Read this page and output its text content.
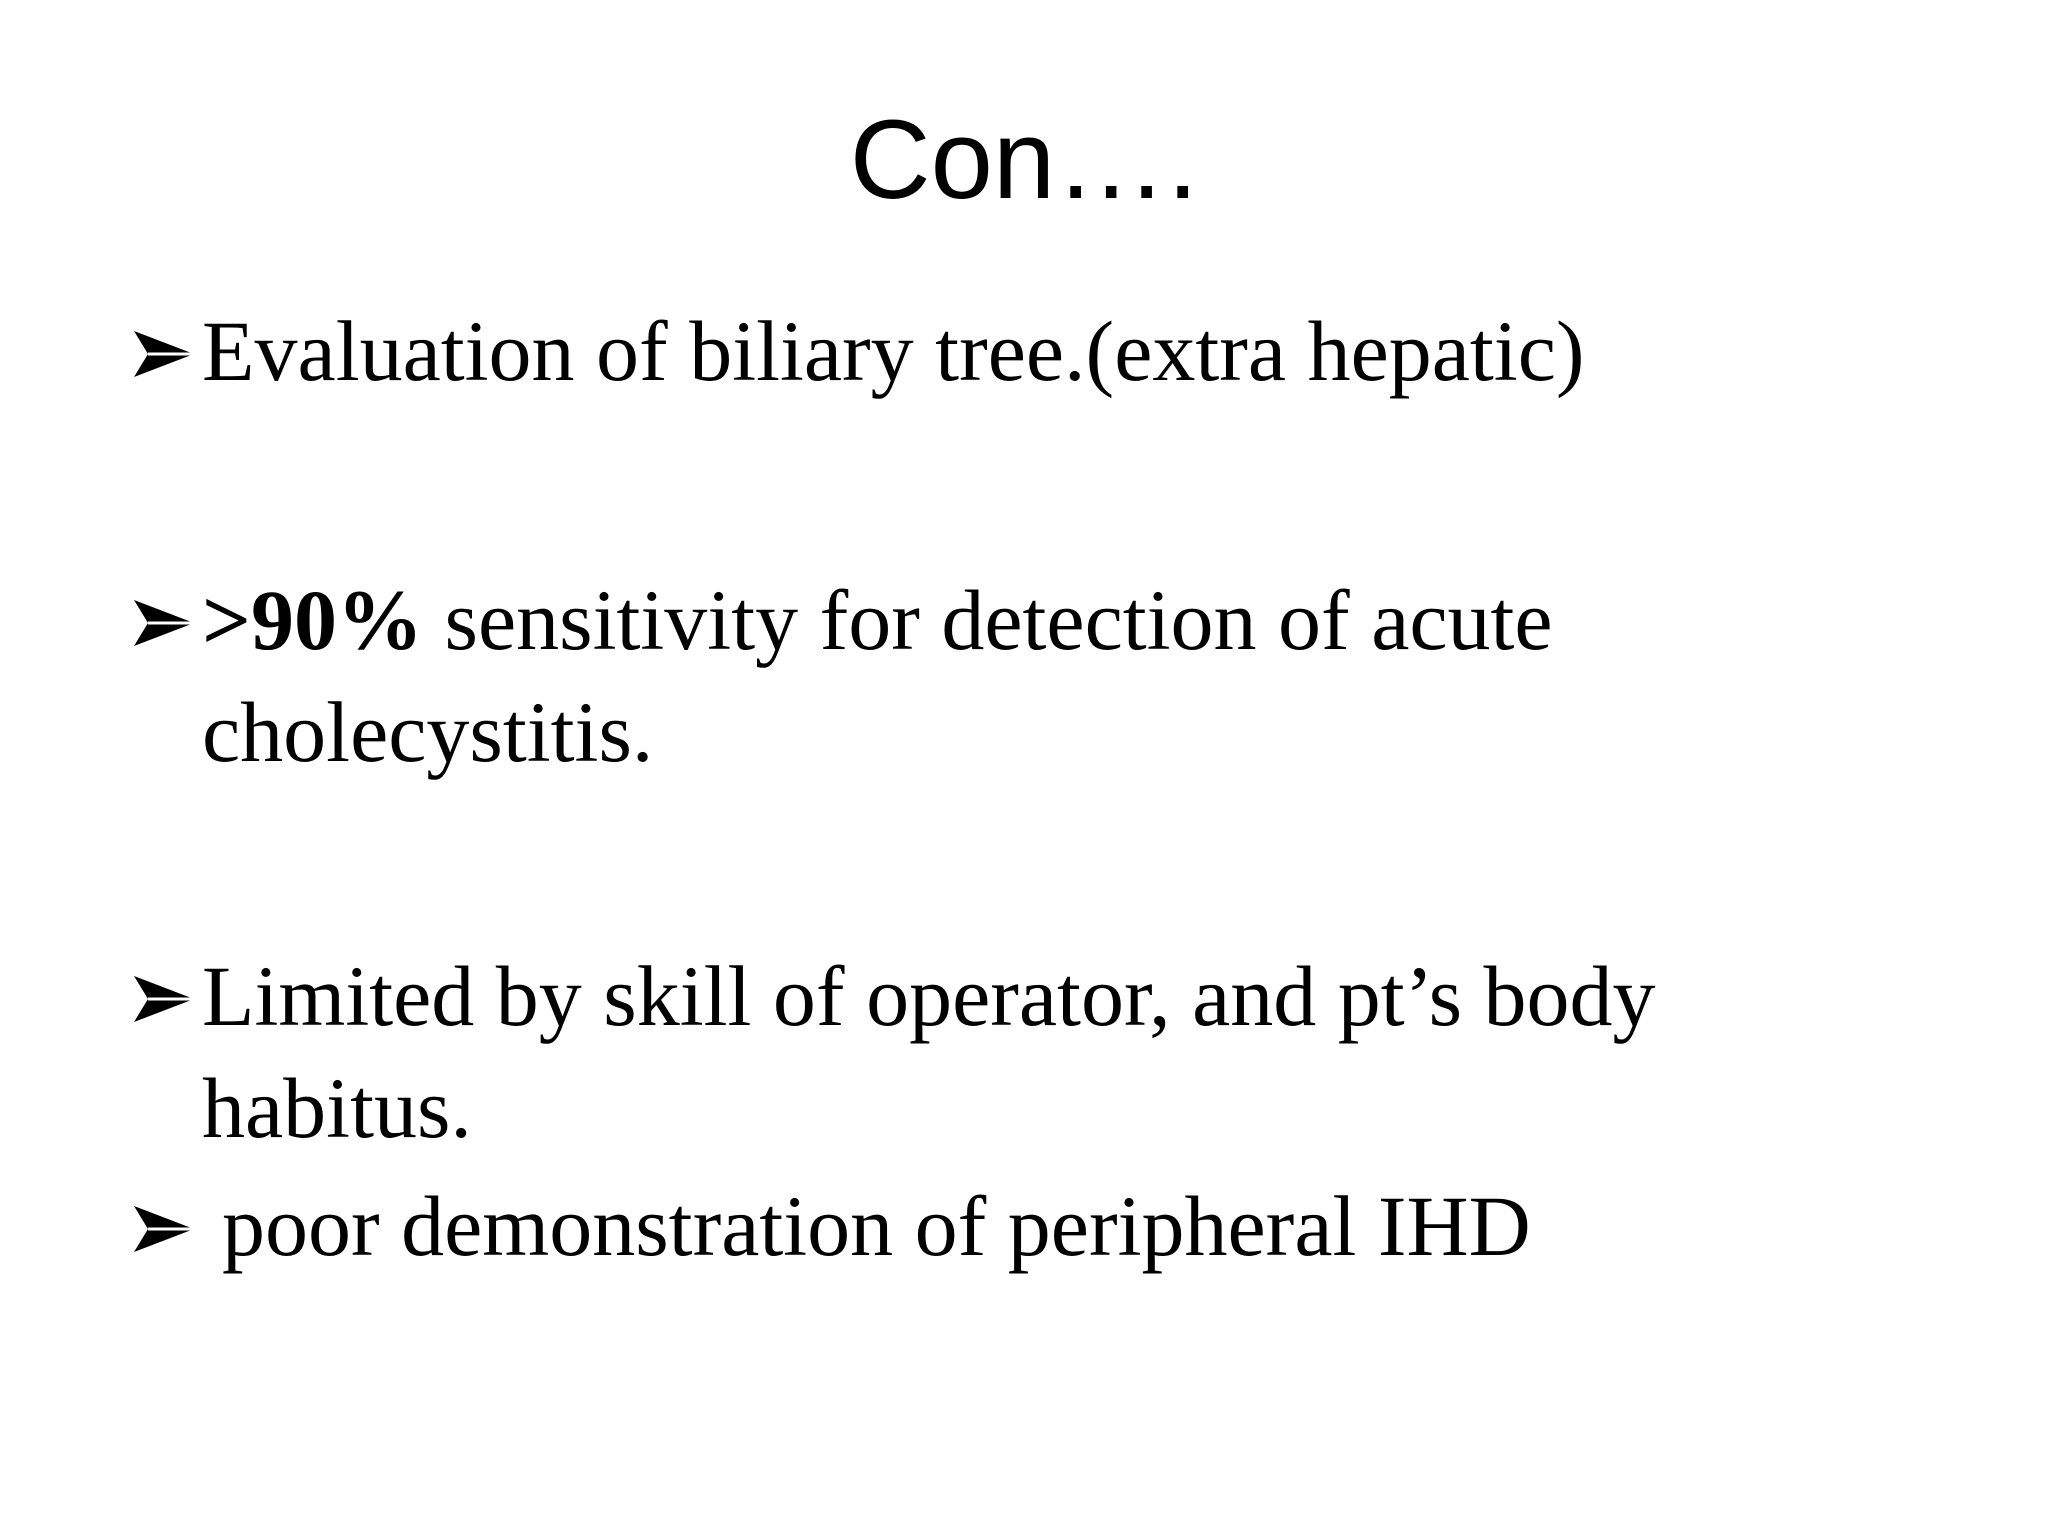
Con….
Evaluation of biliary tree.(extra hepatic)
>90% sensitivity for detection of acute cholecystitis.
Limited by skill of operator, and pt’s body habitus.
poor demonstration of peripheral IHD
